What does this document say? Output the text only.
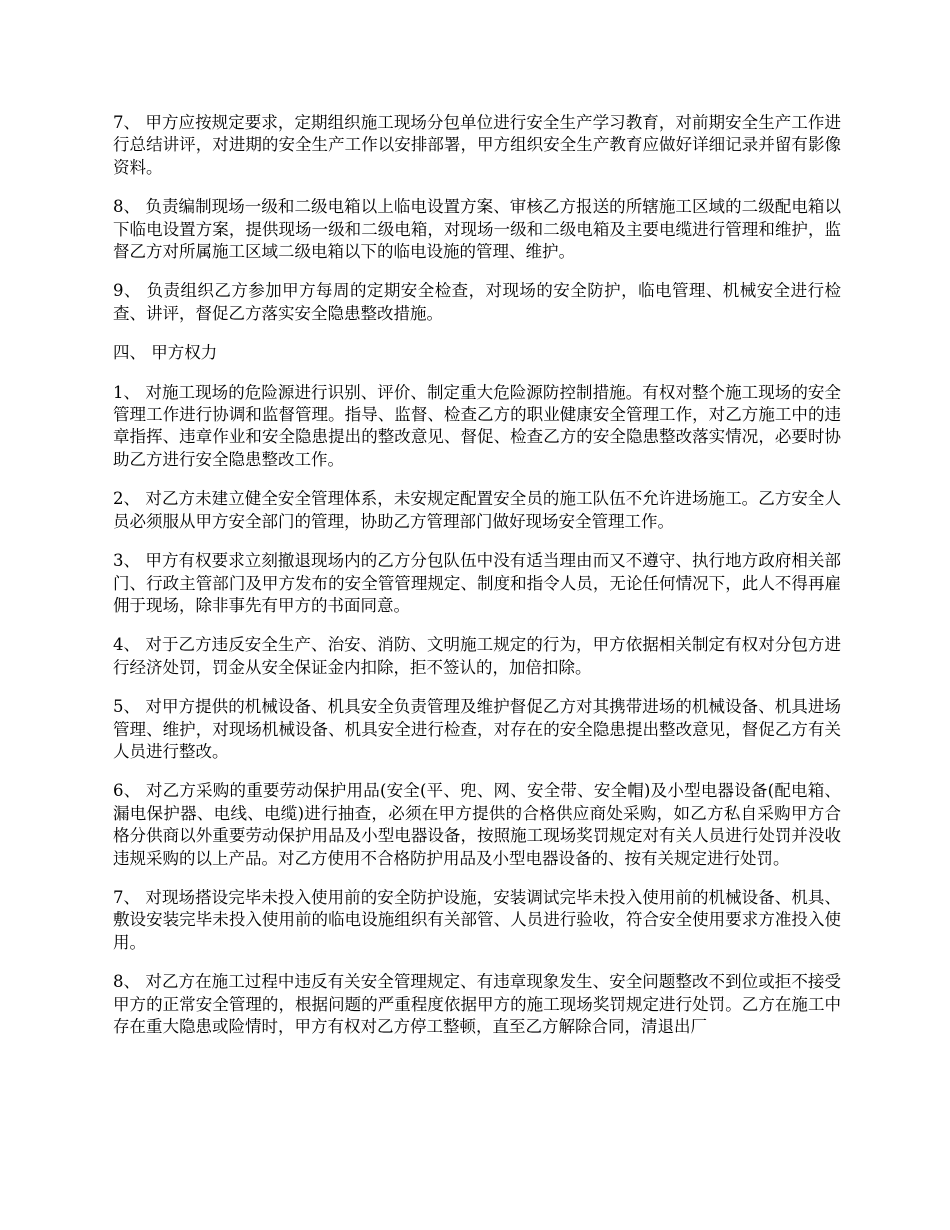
7、 甲方应按规定要求，定期组织施工现场分包单位进行安全生产学习教育，对前期安全生产工作进行总结讲评，对进期的安全生产工作以安排部署，甲方组织安全生产教育应做好详细记录并留有影像资料。

8、 负责编制现场一级和二级电箱以上临电设置方案、审核乙方报送的所辖施工区域的二级配电箱以下临电设置方案，提供现场一级和二级电箱，对现场一级和二级电箱及主要电缆进行管理和维护，监督乙方对所属施工区域二级电箱以下的临电设施的管理、维护。

9、 负责组织乙方参加甲方每周的定期安全检查，对现场的安全防护，临电管理、机械安全进行检查、讲评，督促乙方落实安全隐患整改措施。

四、 甲方权力

1、 对施工现场的危险源进行识别、评价、制定重大危险源防控制措施。有权对整个施工现场的安全管理工作进行协调和监督管理。指导、监督、检查乙方的职业健康安全管理工作，对乙方施工中的违章指挥、违章作业和安全隐患提出的整改意见、督促、检查乙方的安全隐患整改落实情况，必要时协助乙方进行安全隐患整改工作。

2、 对乙方未建立健全安全管理体系，未安规定配置安全员的施工队伍不允许进场施工。乙方安全人员必须服从甲方安全部门的管理，协助乙方管理部门做好现场安全管理工作。

3、 甲方有权要求立刻撤退现场内的乙方分包队伍中没有适当理由而又不遵守、执行地方政府相关部门、行政主管部门及甲方发布的安全管管理规定、制度和指令人员，无论任何情况下，此人不得再雇佣于现场，除非事先有甲方的书面同意。

4、 对于乙方违反安全生产、治安、消防、文明施工规定的行为，甲方依据相关制定有权对分包方进行经济处罚，罚金从安全保证金内扣除，拒不签认的，加倍扣除。

5、 对甲方提供的机械设备、机具安全负责管理及维护督促乙方对其携带进场的机械设备、机具进场管理、维护，对现场机械设备、机具安全进行检查，对存在的安全隐患提出整改意见，督促乙方有关人员进行整改。

6、 对乙方采购的重要劳动保护用品(安全(平、兜、网、安全带、安全帽)及小型电器设备(配电箱、漏电保护器、电线、电缆)进行抽查，必须在甲方提供的合格供应商处采购，如乙方私自采购甲方合格分供商以外重要劳动保护用品及小型电器设备，按照施工现场奖罚规定对有关人员进行处罚并没收违规采购的以上产品。对乙方使用不合格防护用品及小型电器设备的、按有关规定进行处罚。

7、 对现场搭设完毕未投入使用前的安全防护设施，安装调试完毕未投入使用前的机械设备、机具、敷设安装完毕未投入使用前的临电设施组织有关部管、人员进行验收，符合安全使用要求方准投入使用。

8、 对乙方在施工过程中违反有关安全管理规定、有违章现象发生、安全问题整改不到位或拒不接受甲方的正常安全管理的，根据问题的严重程度依据甲方的施工现场奖罚规定进行处罚。乙方在施工中存在重大隐患或险情时，甲方有权对乙方停工整顿，直至乙方解除合同，清退出厂
